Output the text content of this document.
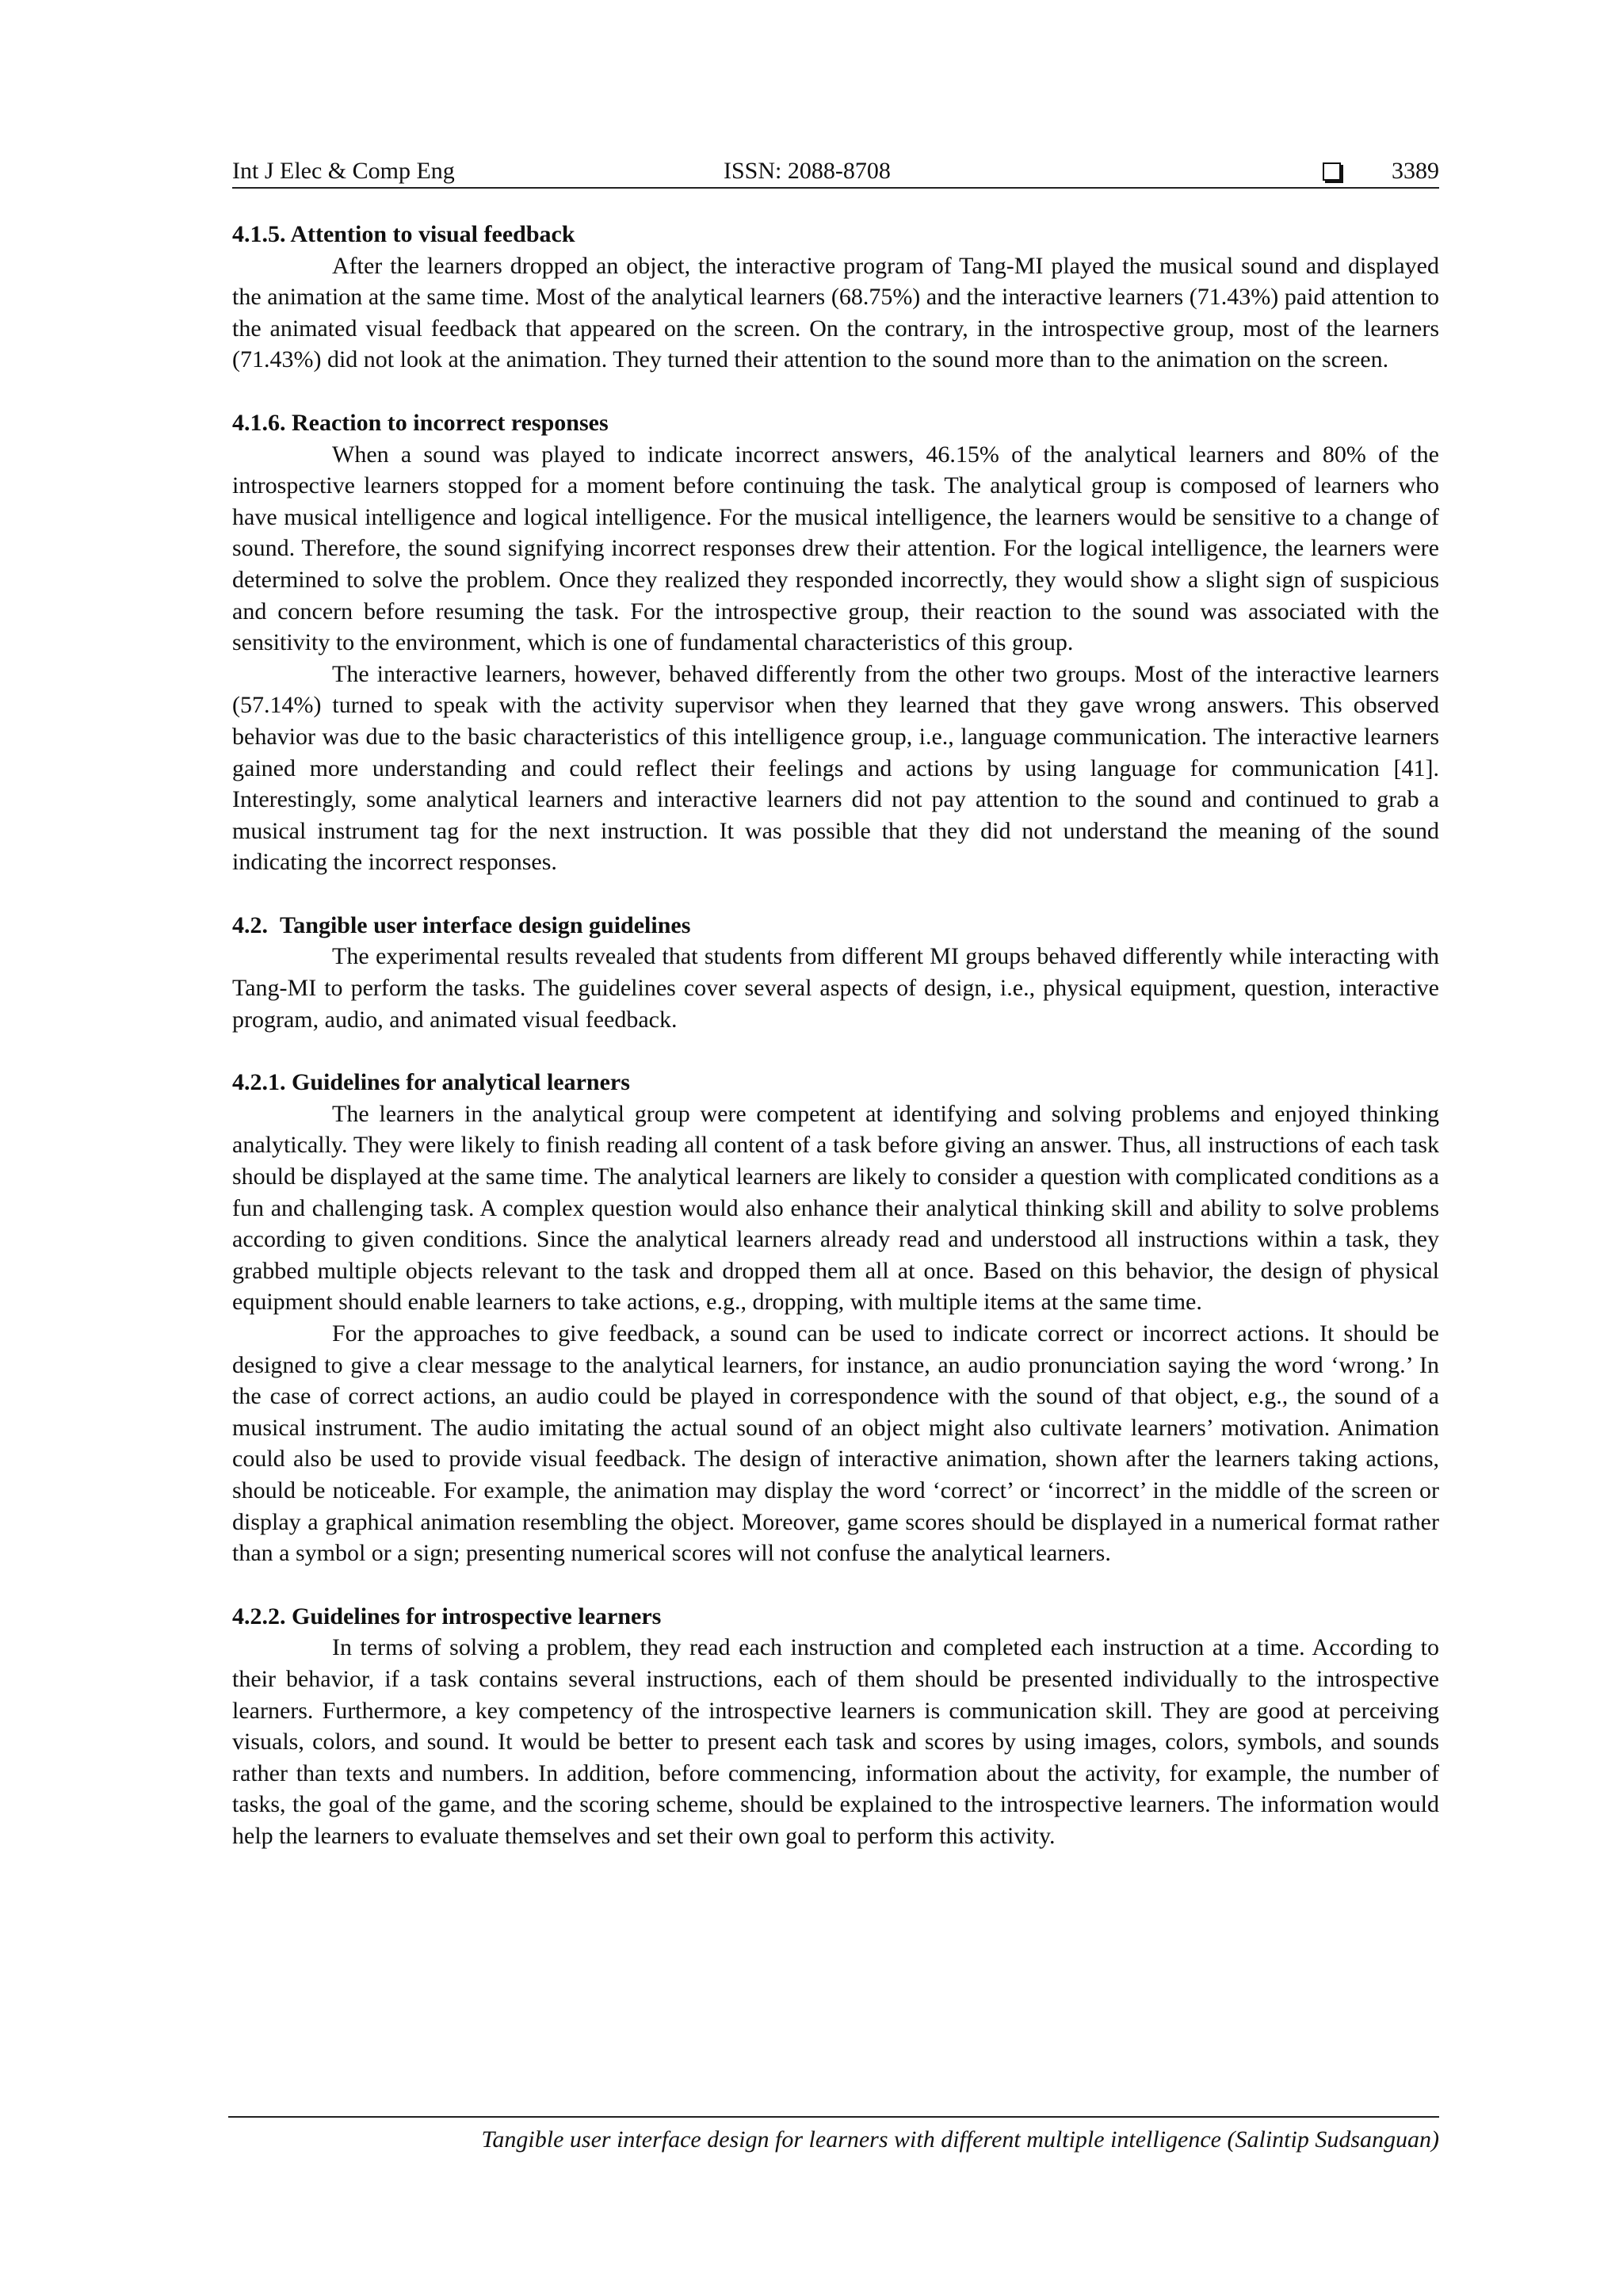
Int J Elec & Comp Eng	ISSN: 2088-8708	3389

4.1.5. Attention to visual feedback

After the learners dropped an object, the interactive program of Tang-MI played the musical sound and displayed the animation at the same time. Most of the analytical learners (68.75%) and the interactive learners (71.43%) paid attention to the animated visual feedback that appeared on the screen. On the contrary, in the introspective group, most of the learners (71.43%) did not look at the animation. They turned their attention to the sound more than to the animation on the screen.

4.1.6. Reaction to incorrect responses

When a sound was played to indicate incorrect answers, 46.15% of the analytical learners and 80% of the introspective learners stopped for a moment before continuing the task. The analytical group is composed of learners who have musical intelligence and logical intelligence. For the musical intelligence, the learners would be sensitive to a change of sound. Therefore, the sound signifying incorrect responses drew their attention. For the logical intelligence, the learners were determined to solve the problem. Once they realized they responded incorrectly, they would show a slight sign of suspicious and concern before resuming the task. For the introspective group, their reaction to the sound was associated with the sensitivity to the environment, which is one of fundamental characteristics of this group.

The interactive learners, however, behaved differently from the other two groups. Most of the interactive learners (57.14%) turned to speak with the activity supervisor when they learned that they gave wrong answers. This observed behavior was due to the basic characteristics of this intelligence group, i.e., language communication. The interactive learners gained more understanding and could reflect their feelings and actions by using language for communication [41]. Interestingly, some analytical learners and interactive learners did not pay attention to the sound and continued to grab a musical instrument tag for the next instruction. It was possible that they did not understand the meaning of the sound indicating the incorrect responses.

4.2.  Tangible user interface design guidelines

The experimental results revealed that students from different MI groups behaved differently while interacting with Tang-MI to perform the tasks. The guidelines cover several aspects of design, i.e., physical equipment, question, interactive program, audio, and animated visual feedback.

4.2.1. Guidelines for analytical learners

The learners in the analytical group were competent at identifying and solving problems and enjoyed thinking analytically. They were likely to finish reading all content of a task before giving an answer. Thus, all instructions of each task should be displayed at the same time. The analytical learners are likely to consider a question with complicated conditions as a fun and challenging task. A complex question would also enhance their analytical thinking skill and ability to solve problems according to given conditions. Since the analytical learners already read and understood all instructions within a task, they grabbed multiple objects relevant to the task and dropped them all at once. Based on this behavior, the design of physical equipment should enable learners to take actions, e.g., dropping, with multiple items at the same time.

For the approaches to give feedback, a sound can be used to indicate correct or incorrect actions. It should be designed to give a clear message to the analytical learners, for instance, an audio pronunciation saying the word ‘wrong.’ In the case of correct actions, an audio could be played in correspondence with the sound of that object, e.g., the sound of a musical instrument. The audio imitating the actual sound of an object might also cultivate learners’ motivation. Animation could also be used to provide visual feedback. The design of interactive animation, shown after the learners taking actions, should be noticeable. For example, the animation may display the word ‘correct’ or ‘incorrect’ in the middle of the screen or display a graphical animation resembling the object. Moreover, game scores should be displayed in a numerical format rather than a symbol or a sign; presenting numerical scores will not confuse the analytical learners.

4.2.2. Guidelines for introspective learners

In terms of solving a problem, they read each instruction and completed each instruction at a time. According to their behavior, if a task contains several instructions, each of them should be presented individually to the introspective learners. Furthermore, a key competency of the introspective learners is communication skill. They are good at perceiving visuals, colors, and sound. It would be better to present each task and scores by using images, colors, symbols, and sounds rather than texts and numbers. In addition, before commencing, information about the activity, for example, the number of tasks, the goal of the game, and the scoring scheme, should be explained to the introspective learners. The information would help the learners to evaluate themselves and set their own goal to perform this activity.

Tangible user interface design for learners with different multiple intelligence (Salintip Sudsanguan)
